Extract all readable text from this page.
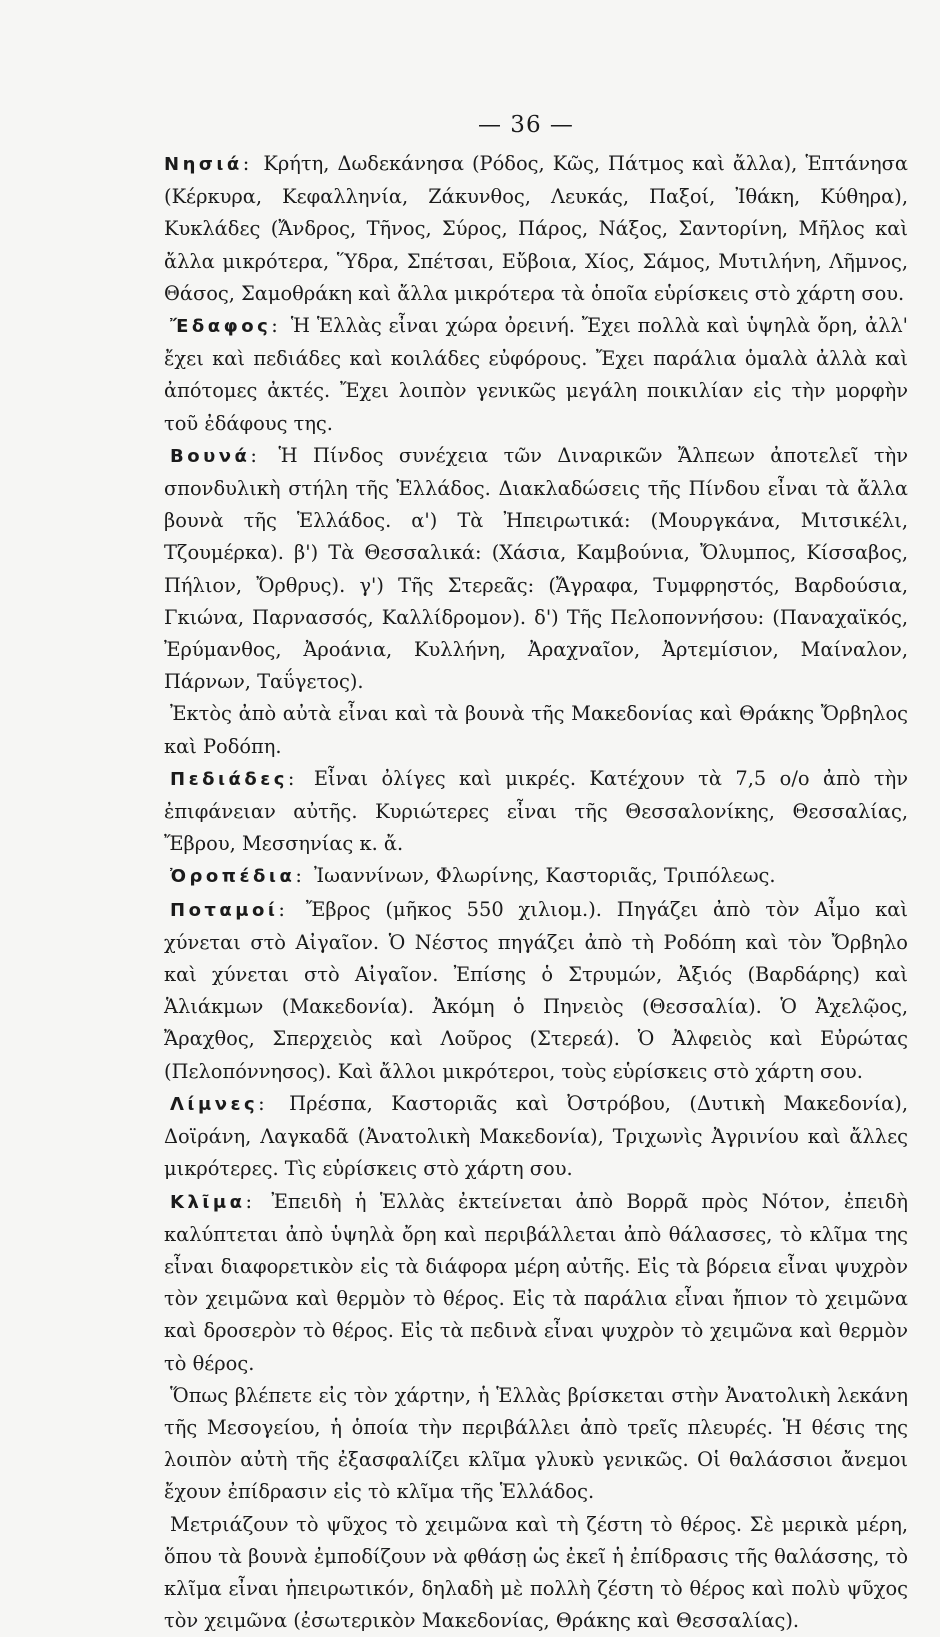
— 36 —

Νησιά: Κρήτη, Δωδεκάνησα (Ρόδος, Κῶς, Πάτμος καὶ ἄλλα), Ἑπτάνησα (Κέρκυρα, Κεφαλληνία, Ζάκυνθος, Λευκάς, Παξοί, Ἰθάκη, Κύθηρα), Κυκλάδες (Ἄνδρος, Τῆνος, Σύρος, Πάρος, Νάξος, Σαντορίνη, Μῆλος καὶ ἄλλα μικρότερα, Ὕδρα, Σπέτσαι, Εὔβοια, Χίος, Σάμος, Μυτιλήνη, Λῆμνος, Θάσος, Σαμοθράκη καὶ ἄλλα μικρότερα τὰ ὁποῖα εὑρίσκεις στὸ χάρτη σου.

Ἔδαφος: Ἡ Ἑλλὰς εἶναι χώρα ὀρεινή. Ἔχει πολλὰ καὶ ὑψηλὰ ὄρη, ἀλλ' ἔχει καὶ πεδιάδες καὶ κοιλάδες εὐφόρους. Ἔχει παράλια ὁμαλὰ ἀλλὰ καὶ ἀπότομες ἀκτές. Ἔχει λοιπὸν γενικῶς μεγάλη ποικιλίαν εἰς τὴν μορφὴν τοῦ ἐδάφους της.

Βουνά: Ἡ Πίνδος συνέχεια τῶν Διναρικῶν Ἄλπεων ἀποτελεῖ τὴν σπονδυλικὴ στήλη τῆς Ἑλλάδος. Διακλαδώσεις τῆς Πίνδου εἶναι τὰ ἄλλα βουνὰ τῆς Ἑλλάδος. α') Τὰ Ἠπειρωτικά: (Μουργκάνα, Μιτσικέλι, Τζουμέρκα). β') Τὰ Θεσσαλικά: (Χάσια, Καμβούνια, Ὄλυμπος, Κίσσαβος, Πήλιον, Ὄρθρυς). γ') Τῆς Στερεᾶς: (Ἄγραφα, Τυμφρηστός, Βαρδούσια, Γκιώνα, Παρνασσός, Καλλίδρομον). δ') Τῆς Πελοποννήσου: (Παναχαϊκός, Ἐρύμανθος, Ἀροάνια, Κυλλήνη, Ἀραχναῖον, Ἀρτεμίσιον, Μαίναλον, Πάρνων, Ταΰγετος).

Ἐκτὸς ἀπὸ αὐτὰ εἶναι καὶ τὰ βουνὰ τῆς Μακεδονίας καὶ Θράκης Ὄρβηλος καὶ Ροδόπη.

Πεδιάδες: Εἶναι ὀλίγες καὶ μικρές. Κατέχουν τὰ 7,5 ο/ο ἀπὸ τὴν ἐπιφάνειαν αὐτῆς. Κυριώτερες εἶναι τῆς Θεσσαλονίκης, Θεσσαλίας, Ἔβρου, Μεσσηνίας κ. ἄ.

Ὀροπέδια: Ἰωαννίνων, Φλωρίνης, Καστοριᾶς, Τριπόλεως.

Ποταμοί: Ἔβρος (μῆκος 550 χιλιομ.). Πηγάζει ἀπὸ τὸν Αἶμο καὶ χύνεται στὸ Αἰγαῖον. Ὁ Νέστος πηγάζει ἀπὸ τὴ Ροδόπη καὶ τὸν Ὄρβηλο καὶ χύνεται στὸ Αἰγαῖον. Ἐπίσης ὁ Στρυμών, Ἀξιός (Βαρδάρης) καὶ Ἁλιάκμων (Μακεδονία). Ἀκόμη ὁ Πηνειὸς (Θεσσαλία). Ὁ Ἀχελῷος, Ἄραχθος, Σπερχειὸς καὶ Λοῦρος (Στερεά). Ὁ Ἀλφειὸς καὶ Εὐρώτας (Πελοπόννησος). Καὶ ἄλλοι μικρότεροι, τοὺς εὑρίσκεις στὸ χάρτη σου.

Λίμνες: Πρέσπα, Καστοριᾶς καὶ Ὀστρόβου, (Δυτικὴ Μακεδονία), Δοϊράνη, Λαγκαδᾶ (Ἀνατολικὴ Μακεδονία), Τριχωνὶς Ἀγρινίου καὶ ἄλλες μικρότερες. Τὶς εὑρίσκεις στὸ χάρτη σου.

Κλῖμα: Ἐπειδὴ ἡ Ἑλλὰς ἐκτείνεται ἀπὸ Βορρᾶ πρὸς Νότον, ἐπειδὴ καλύπτεται ἀπὸ ὑψηλὰ ὄρη καὶ περιβάλλεται ἀπὸ θάλασσες, τὸ κλῖμα της εἶναι διαφορετικὸν εἰς τὰ διάφορα μέρη αὐτῆς. Εἰς τὰ βόρεια εἶναι ψυχρὸν τὸν χειμῶνα καὶ θερμὸν τὸ θέρος. Εἰς τὰ παράλια εἶναι ἤπιον τὸ χειμῶνα καὶ δροσερὸν τὸ θέρος. Εἰς τὰ πεδινὰ εἶναι ψυχρὸν τὸ χειμῶνα καὶ θερμὸν τὸ θέρος.

Ὅπως βλέπετε εἰς τὸν χάρτην, ἡ Ἑλλὰς βρίσκεται στὴν Ἀνατολικὴ λεκάνη τῆς Μεσογείου, ἡ ὁποία τὴν περιβάλλει ἀπὸ τρεῖς πλευρές. Ἡ θέσις της λοιπὸν αὐτὴ τῆς ἐξασφαλίζει κλῖμα γλυκὺ γενικῶς. Οἱ θαλάσσιοι ἄνεμοι ἔχουν ἐπίδρασιν εἰς τὸ κλῖμα τῆς Ἑλλάδος.

Μετριάζουν τὸ ψῦχος τὸ χειμῶνα καὶ τὴ ζέστη τὸ θέρος. Σὲ μερικὰ μέρη, ὅπου τὰ βουνὰ ἐμποδίζουν νὰ φθάσῃ ὡς ἐκεῖ ἡ ἐπίδρασις τῆς θαλάσσης, τὸ κλῖμα εἶναι ἠπειρωτικόν, δηλαδὴ μὲ πολλὴ ζέστη τὸ θέρος καὶ πολὺ ψῦχος τὸν χειμῶνα (ἐσωτερικὸν Μακεδονίας, Θράκης καὶ Θεσσαλίας).
